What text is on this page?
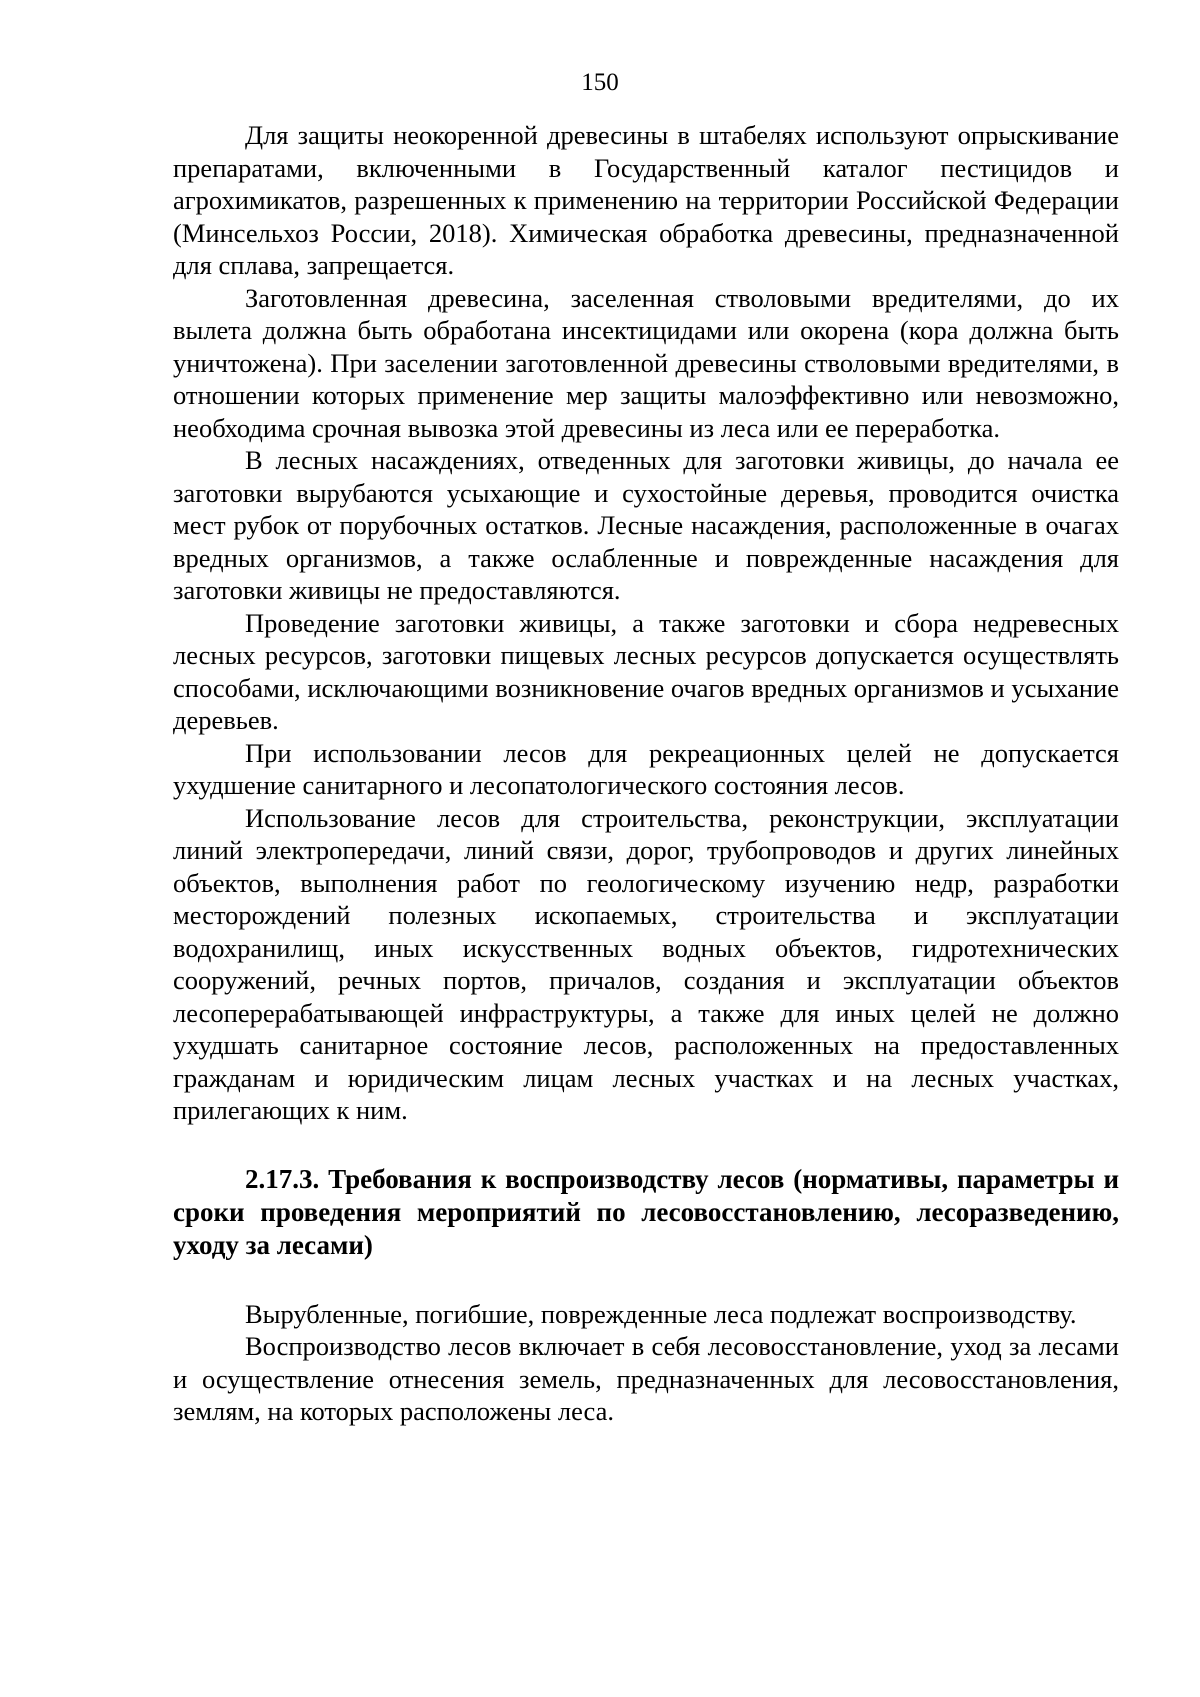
150

Для защиты неокоренной древесины в штабелях используют опрыскивание препаратами, включенными в Государственный каталог пестицидов и агрохимикатов, разрешенных к применению на территории Российской Федерации (Минсельхоз России, 2018). Химическая обработка древесины, предназначенной для сплава, запрещается.

Заготовленная древесина, заселенная стволовыми вредителями, до их вылета должна быть обработана инсектицидами или окорена (кора должна быть уничтожена). При заселении заготовленной древесины стволовыми вредителями, в отношении которых применение мер защиты малоэффективно или невозможно, необходима срочная вывозка этой древесины из леса или ее переработка.

В лесных насаждениях, отведенных для заготовки живицы, до начала ее заготовки вырубаются усыхающие и сухостойные деревья, проводится очистка мест рубок от порубочных остатков. Лесные насаждения, расположенные в очагах вредных организмов, а также ослабленные и поврежденные насаждения для заготовки живицы не предоставляются.

Проведение заготовки живицы, а также заготовки и сбора недревесных лесных ресурсов, заготовки пищевых лесных ресурсов допускается осуществлять способами, исключающими возникновение очагов вредных организмов и усыхание деревьев.

При использовании лесов для рекреационных целей не допускается ухудшение санитарного и лесопатологического состояния лесов.

Использование лесов для строительства, реконструкции, эксплуатации линий электропередачи, линий связи, дорог, трубопроводов и других линейных объектов, выполнения работ по геологическому изучению недр, разработки месторождений полезных ископаемых, строительства и эксплуатации водохранилищ, иных искусственных водных объектов, гидротехнических сооружений, речных портов, причалов, создания и эксплуатации объектов лесоперерабатывающей инфраструктуры, а также для иных целей не должно ухудшать санитарное состояние лесов, расположенных на предоставленных гражданам и юридическим лицам лесных участках и на лесных участках, прилегающих к ним.

2.17.3. Требования к воспроизводству лесов (нормативы, параметры и сроки проведения мероприятий по лесовосстановлению, лесоразведению, уходу за лесами)

Вырубленные, погибшие, поврежденные леса подлежат воспроизводству.

Воспроизводство лесов включает в себя лесовосстановление, уход за лесами и осуществление отнесения земель, предназначенных для лесовосстановления, землям, на которых расположены леса.
